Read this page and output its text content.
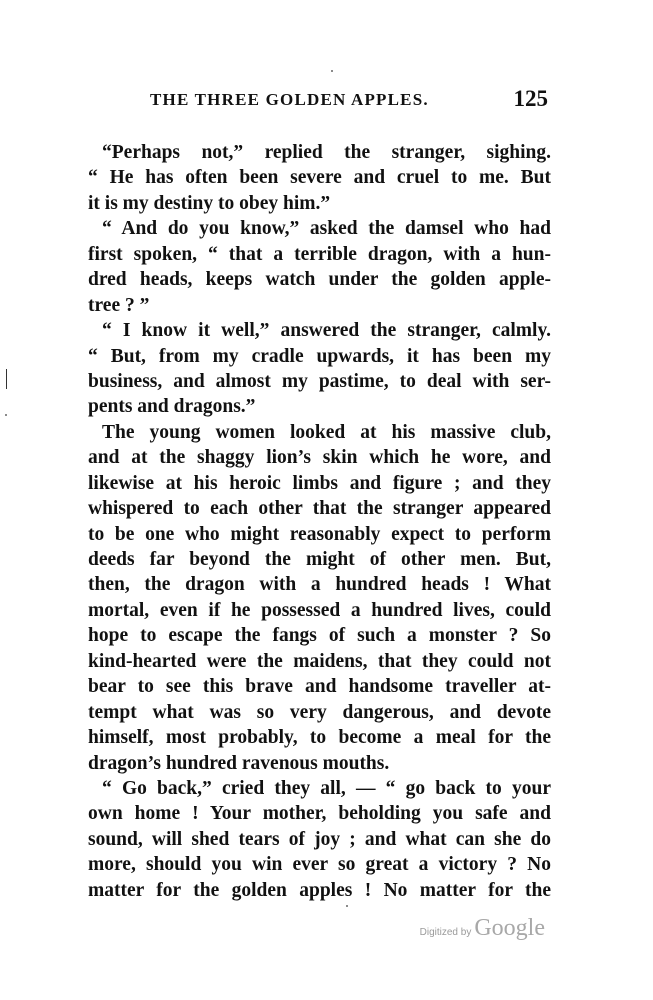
THE THREE GOLDEN APPLES.	125
“Perhaps not,” replied the stranger, sighing.
“ He has often been severe and cruel to me. But
it is my destiny to obey him.”
“ And do you know,” asked the damsel who had
first spoken, “ that a terrible dragon, with a hun-
dred heads, keeps watch under the golden apple-
tree ? ”
“ I know it well,” answered the stranger, calmly.
“ But, from my cradle upwards, it has been my
business, and almost my pastime, to deal with ser-
pents and dragons.”
The young women looked at his massive club,
and at the shaggy lion’s skin which he wore, and
likewise at his heroic limbs and figure ; and they
whispered to each other that the stranger appeared
to be one who might reasonably expect to perform
deeds far beyond the might of other men. But,
then, the dragon with a hundred heads ! What
mortal, even if he possessed a hundred lives, could
hope to escape the fangs of such a monster ? So
kind-hearted were the maidens, that they could not
bear to see this brave and handsome traveller at-
tempt what was so very dangerous, and devote
himself, most probably, to become a meal for the
dragon’s hundred ravenous mouths.
“ Go back,” cried they all, — “ go back to your
own home ! Your mother, beholding you safe and
sound, will shed tears of joy ; and what can she do
more, should you win ever so great a victory ? No
matter for the golden apples ! No matter for the
Digitized by Google
